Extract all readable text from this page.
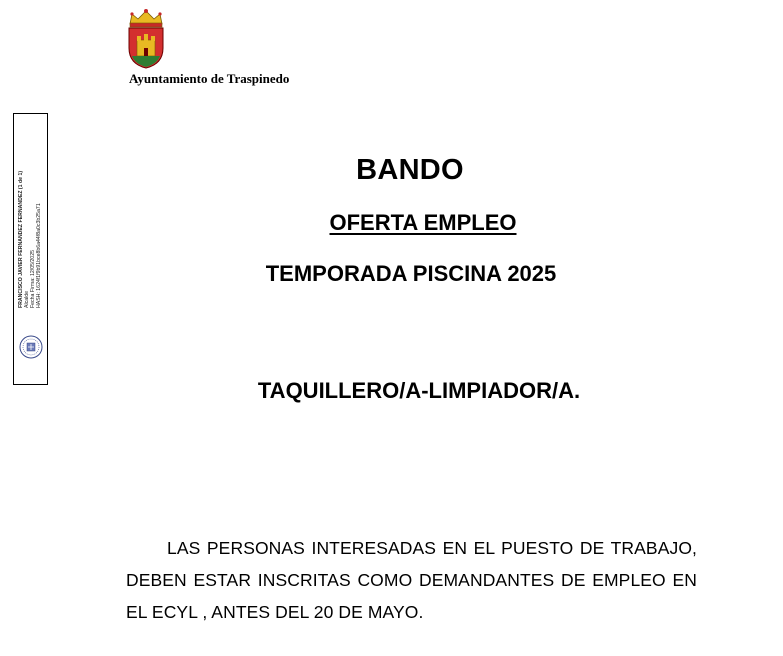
Ayuntamiento de Traspinedo
FRANCISCO JAVIER FERNANDEZ FERNANDEZ (1 de 1) Alcalde Fecha Firma: 12/05/2025 HASH: 1624f1f9b91bce8b6a44f8a0c3b25a71
BANDO
OFERTA EMPLEO
TEMPORADA PISCINA 2025
TAQUILLERO/A-LIMPIADOR/A.
LAS PERSONAS INTERESADAS EN EL PUESTO DE TRABAJO, DEBEN ESTAR INSCRITAS COMO DEMANDANTES DE EMPLEO EN EL ECYL , ANTES DEL 20 DE MAYO.
